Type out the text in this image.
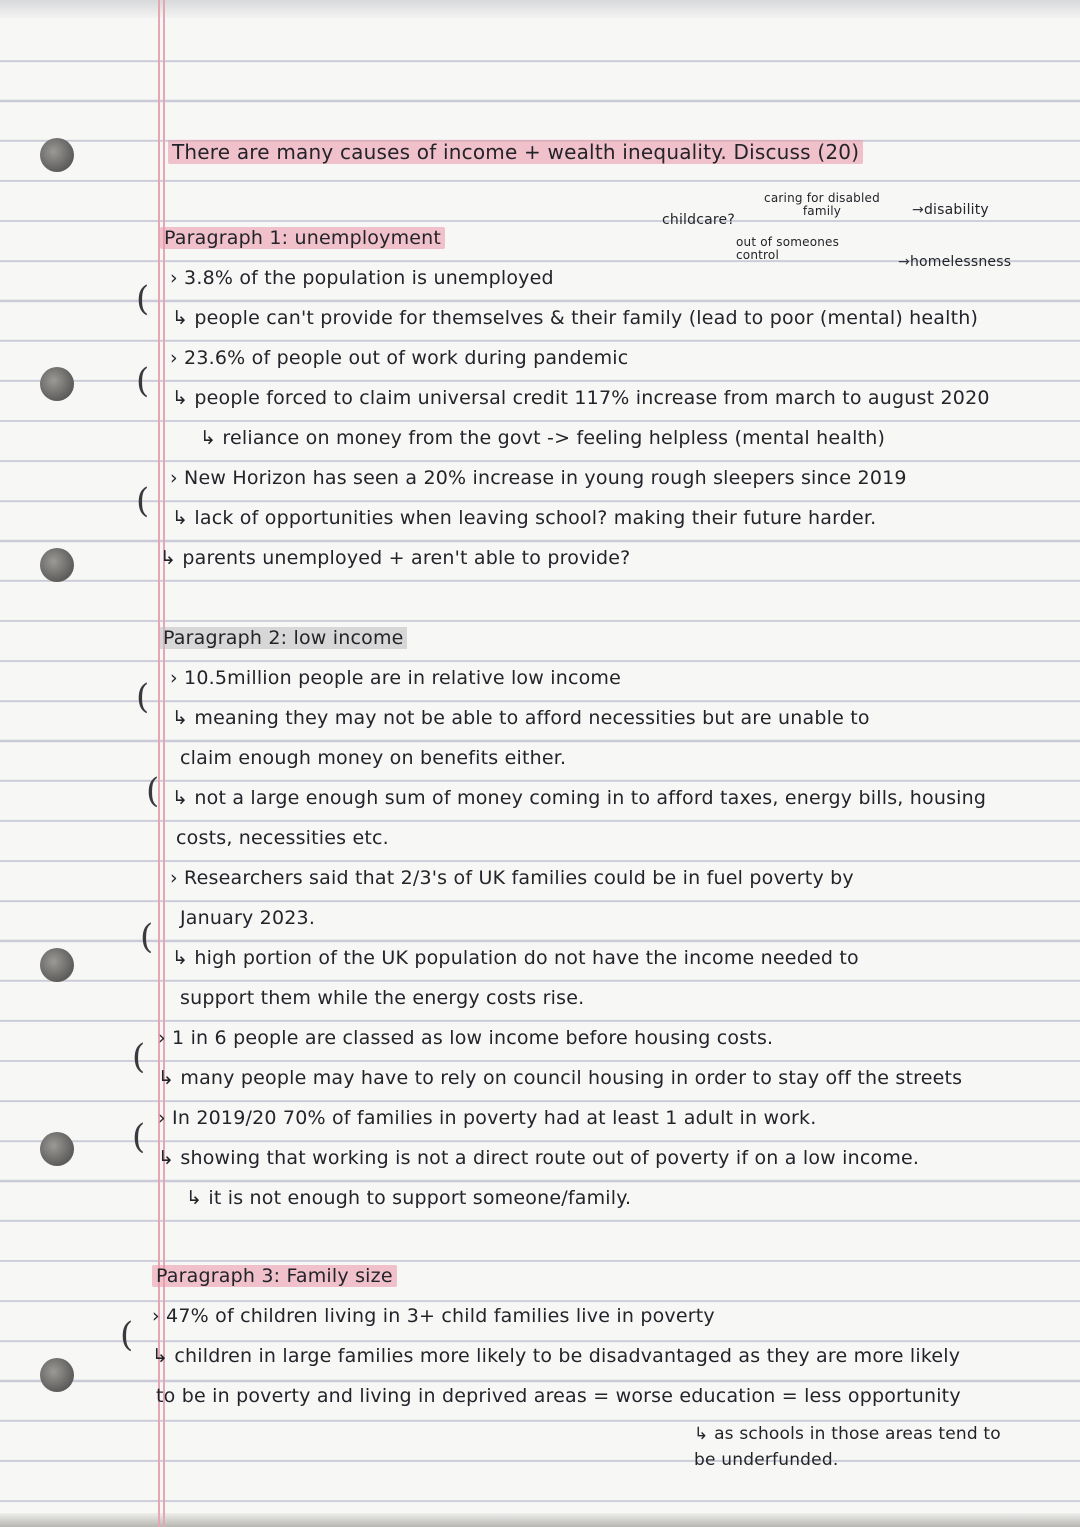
There are many causes of income + wealth inequality. Discuss (20)
Paragraph 1: unemployment
childcare?
caring for disabled family	→disability
out of someones control	→homelessness
› 3.8% of the population is unemployed
( ↳ people can't provide for themselves & their family (lead to poor (mental) health)
› 23.6% of people out of work during pandemic
( ↳ people forced to claim universal credit 117% increase from march to august 2020
↳ reliance on money from the govt -> feeling helpless (mental health)
› New Horizon has seen a 20% increase in young rough sleepers since 2019
( ↳ lack of opportunities when leaving school? making their future harder.
↳ parents unemployed + aren't able to provide?
Paragraph 2: low income
› 10.5million people are in relative low income
(
↳ meaning they may not be able to afford necessities but are unable to
claim enough money on benefits either.
( ↳ not a large enough sum of money coming in to afford taxes, energy bills, housing
costs, necessities etc.
› Researchers said that 2/3's of UK families could be in fuel poverty by
January 2023.
(
↳ high portion of the UK population do not have the income needed to
support them while the energy costs rise.
› 1 in 6 people are classed as low income before housing costs.
(
↳ many people may have to rely on council housing in order to stay off the streets
› In 2019/20 70% of families in poverty had at least 1 adult in work.
(
↳ showing that working is not a direct route out of poverty if on a low income.
↳ it is not enough to support someone/family.
Paragraph 3: Family size
› 47% of children living in 3+ child families live in poverty
(
↳ children in large families more likely to be disadvantaged as they are more likely
to be in poverty and living in deprived areas = worse education = less opportunity
↳ as schools in those areas tend to
be underfunded.
